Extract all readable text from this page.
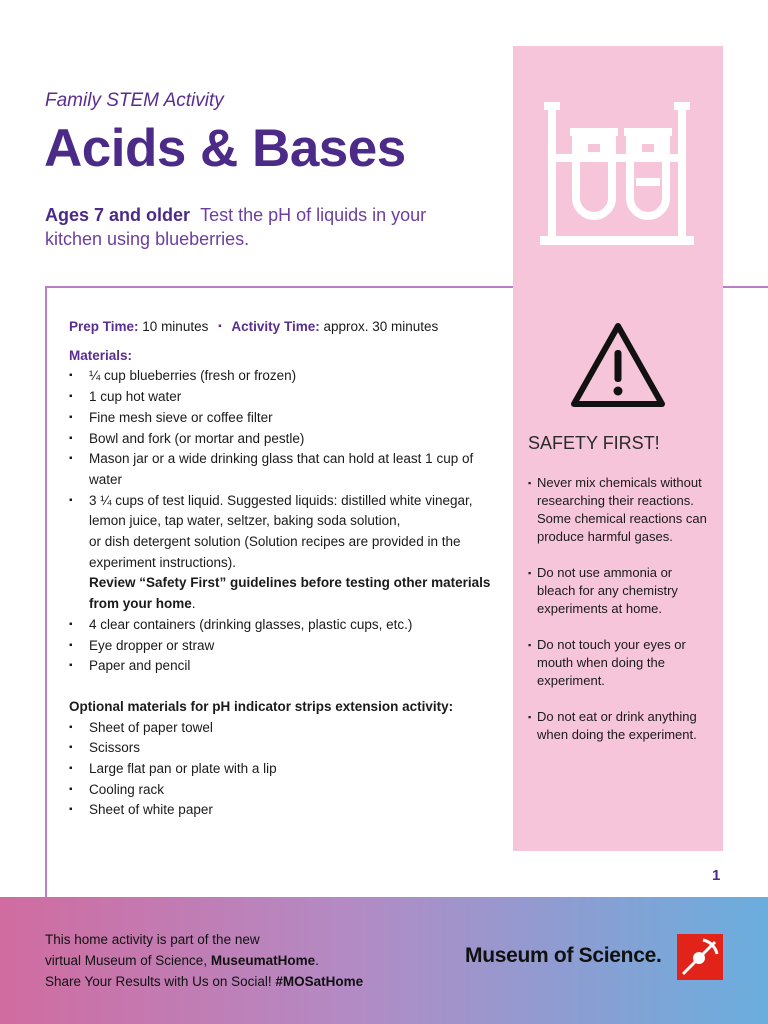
Family STEM Activity
Acids & Bases
Ages 7 and older Test the pH of liquids in your kitchen using blueberries.
Prep Time: 10 minutes ▪ Activity Time: approx. 30 minutes
Materials:
▪ ¼ cup blueberries (fresh or frozen)
▪ 1 cup hot water
▪ Fine mesh sieve or coffee filter
▪ Bowl and fork (or mortar and pestle)
▪ Mason jar or a wide drinking glass that can hold at least 1 cup of water
▪ 3 ¼ cups of test liquid. Suggested liquids: distilled white vinegar, lemon juice, tap water, seltzer, baking soda solution,
or dish detergent solution (Solution recipes are provided in the experiment instructions).
Review “Safety First” guidelines before testing other materials from your home.
▪ 4 clear containers (drinking glasses, plastic cups, etc.)
▪ Eye dropper or straw
▪ Paper and pencil
Optional materials for pH indicator strips extension activity:
▪ Sheet of paper towel
▪ Scissors
▪ Large flat pan or plate with a lip
▪ Cooling rack
▪ Sheet of white paper
SAFETY FIRST!
▪ Never mix chemicals without researching their reactions. Some chemical reactions can produce harmful gases.
▪ Do not use ammonia or bleach for any chemistry experiments at home.
▪ Do not touch your eyes or mouth when doing the experiment.
▪ Do not eat or drink anything when doing the experiment.
1
This home activity is part of the new
virtual Museum of Science, MuseumatHome.
Share Your Results with Us on Social! #MOSatHome
Museum of Science.
